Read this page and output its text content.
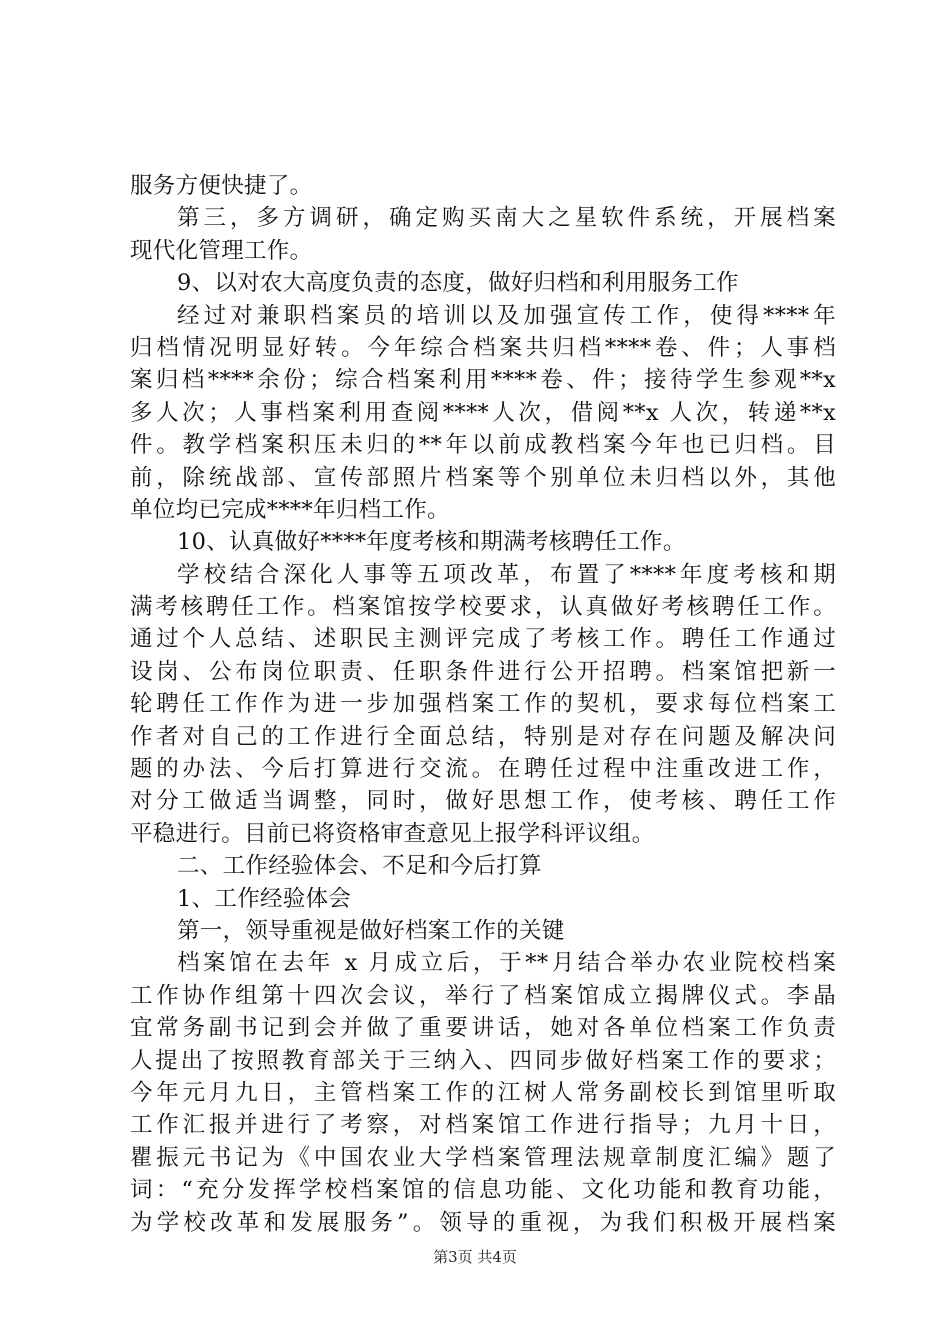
服务方便快捷了。
第三，多方调研，确定购买南大之星软件系统，开展档案
现代化管理工作。
9、以对农大高度负责的态度，做好归档和利用服务工作
经过对兼职档案员的培训以及加强宣传工作，使得****年
归档情况明显好转。今年综合档案共归档****卷、件；人事档
案归档****余份；综合档案利用****卷、件；接待学生参观**x
多人次；人事档案利用查阅****人次，借阅**x 人次，转递**x
件。教学档案积压未归的**年以前成教档案今年也已归档。目
前，除统战部、宣传部照片档案等个别单位未归档以外，其他
单位均已完成****年归档工作。
10、认真做好****年度考核和期满考核聘任工作。
学校结合深化人事等五项改革，布置了****年度考核和期
满考核聘任工作。档案馆按学校要求，认真做好考核聘任工作。
通过个人总结、述职民主测评完成了考核工作。聘任工作通过
设岗、公布岗位职责、任职条件进行公开招聘。档案馆把新一
轮聘任工作作为进一步加强档案工作的契机，要求每位档案工
作者对自己的工作进行全面总结，特别是对存在问题及解决问
题的办法、今后打算进行交流。在聘任过程中注重改进工作，
对分工做适当调整，同时，做好思想工作，使考核、聘任工作
平稳进行。目前已将资格审查意见上报学科评议组。
二、工作经验体会、不足和今后打算
1、工作经验体会
第一，领导重视是做好档案工作的关键
档案馆在去年 x 月成立后，于**月结合举办农业院校档案
工作协作组第十四次会议，举行了档案馆成立揭牌仪式。李晶
宜常务副书记到会并做了重要讲话，她对各单位档案工作负责
人提出了按照教育部关于三纳入、四同步做好档案工作的要求；
今年元月九日，主管档案工作的江树人常务副校长到馆里听取
工作汇报并进行了考察，对档案馆工作进行指导；九月十日，
瞿振元书记为《中国农业大学档案管理法规章制度汇编》题了
词：“充分发挥学校档案馆的信息功能、文化功能和教育功能，
为学校改革和发展服务”。领导的重视，为我们积极开展档案
第3页 共4页
